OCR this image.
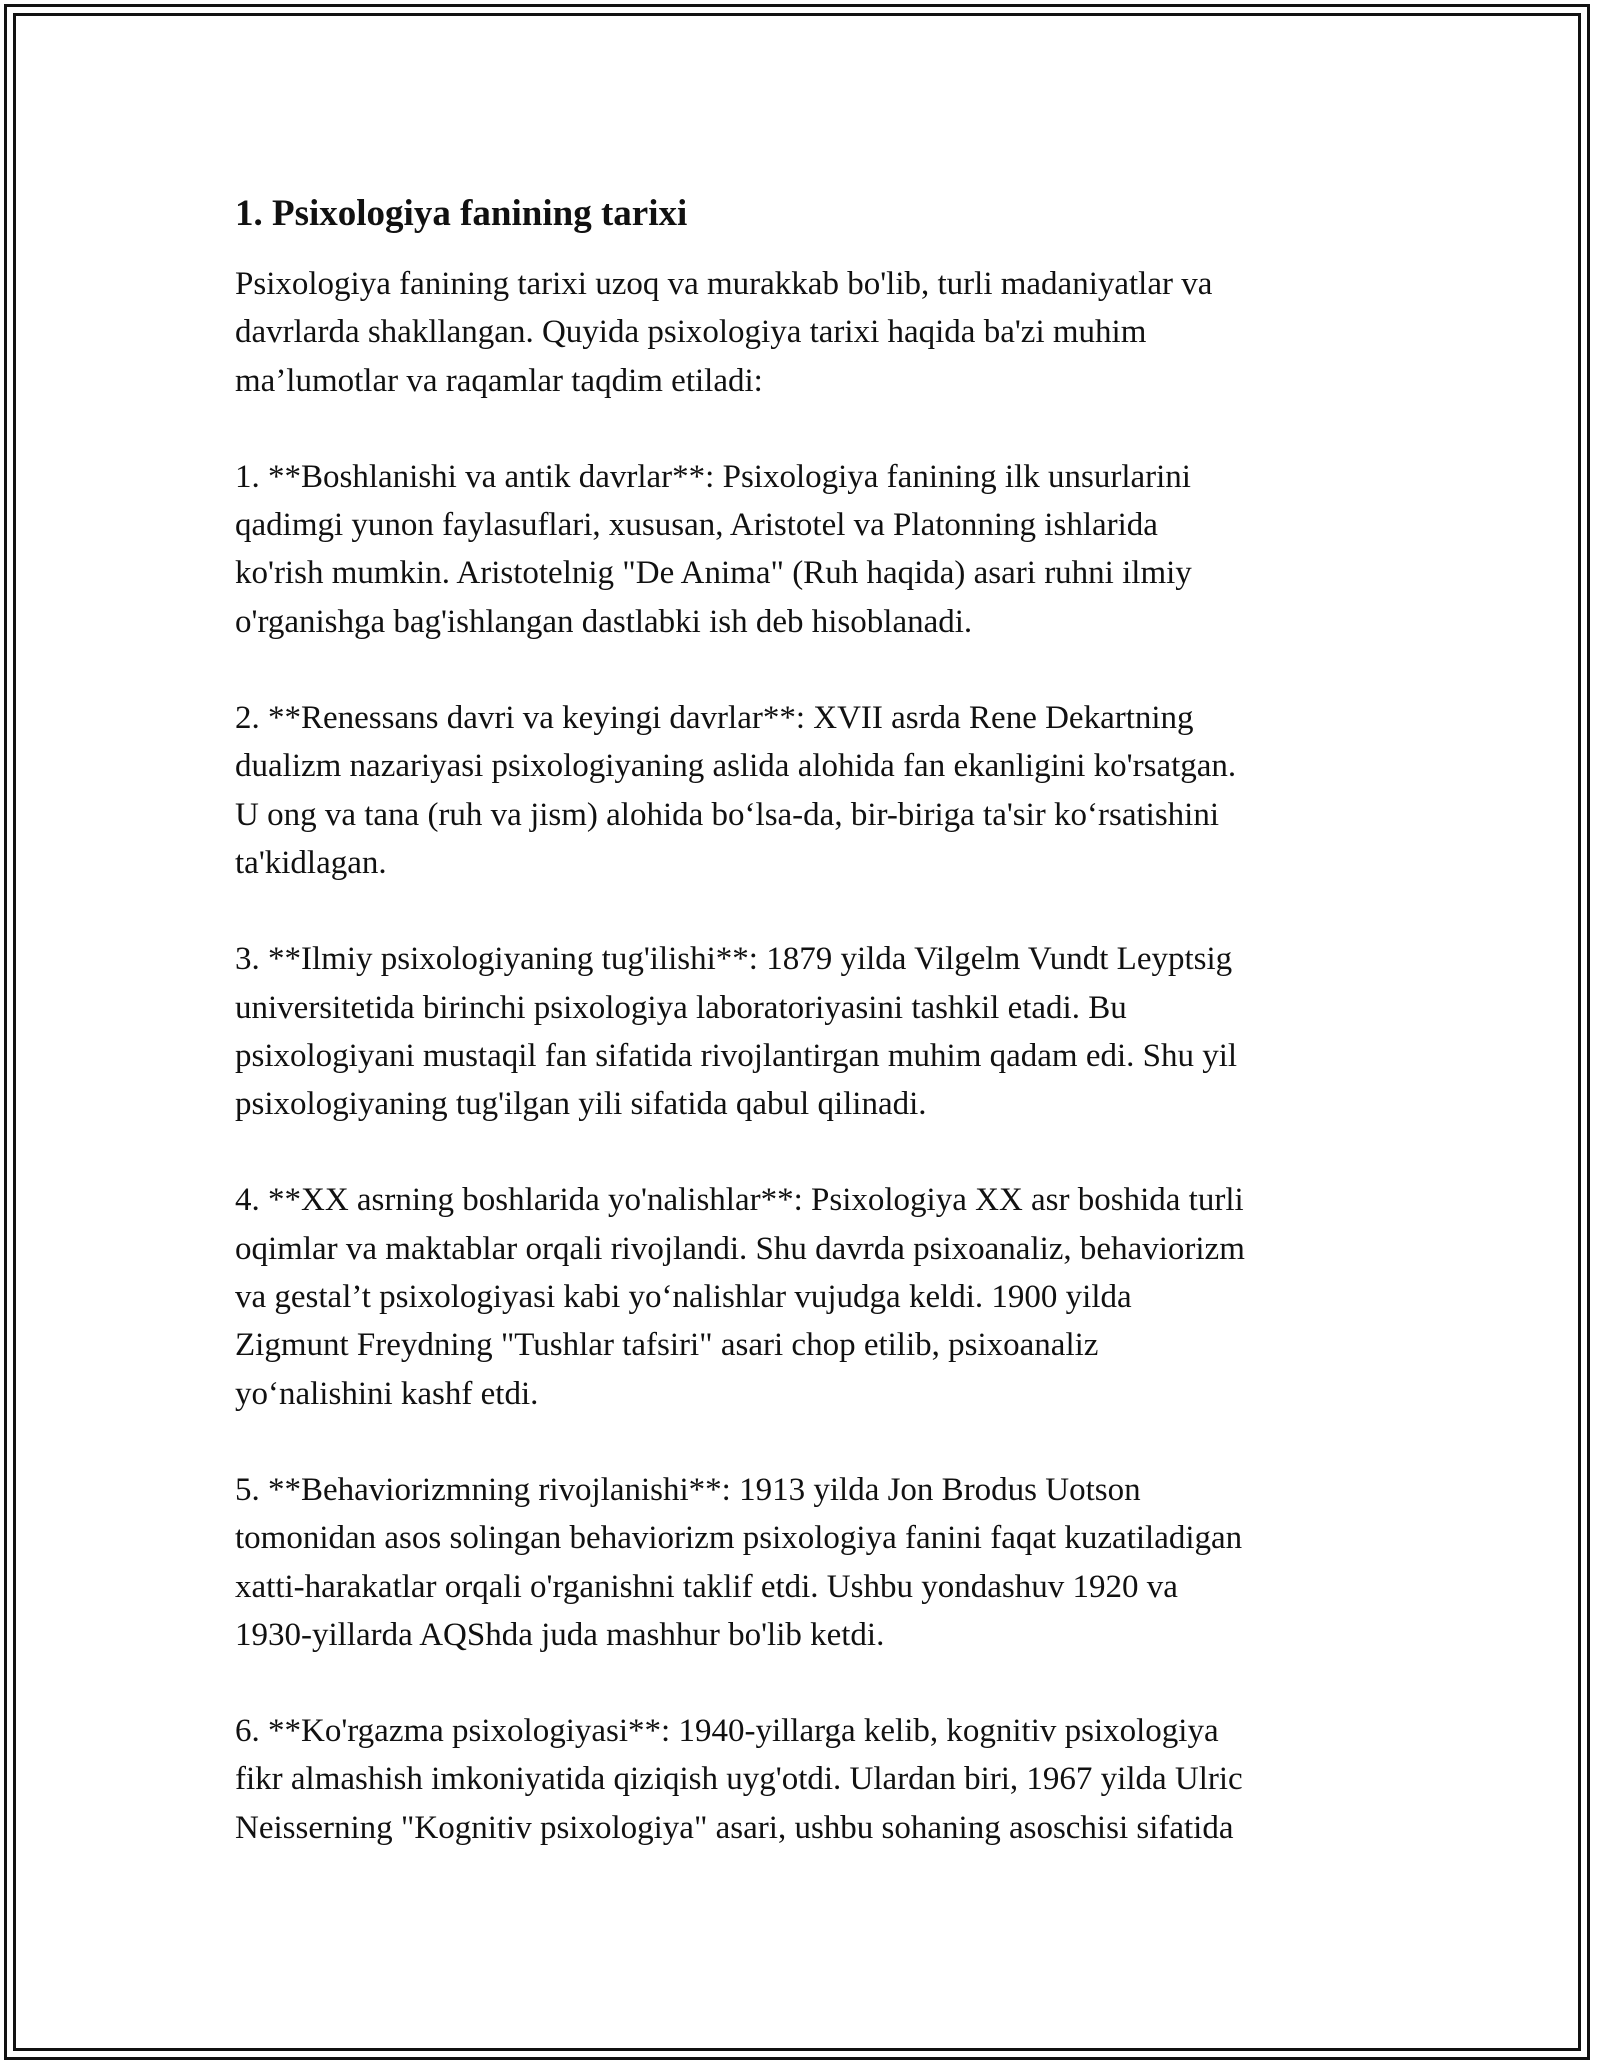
1. Psixologiya fanining tarixi

Psixologiya fanining tarixi uzoq va murakkab bo'lib, turli madaniyatlar va
davrlarda shakllangan. Quyida psixologiya tarixi haqida ba'zi muhim
ma’lumotlar va raqamlar taqdim etiladi:

1. **Boshlanishi va antik davrlar**: Psixologiya fanining ilk unsurlarini
qadimgi yunon faylasuflari, xususan, Aristotel va Platonning ishlarida
ko'rish mumkin. Aristotelnig "De Anima" (Ruh haqida) asari ruhni ilmiy
o'rganishga bag'ishlangan dastlabki ish deb hisoblanadi.

2. **Renessans davri va keyingi davrlar**: XVII asrda Rene Dekartning
dualizm nazariyasi psixologiyaning aslida alohida fan ekanligini ko'rsatgan.
U ong va tana (ruh va jism) alohida bo‘lsa-da, bir-biriga ta'sir ko‘rsatishini
ta'kidlagan.

3. **Ilmiy psixologiyaning tug'ilishi**: 1879 yilda Vilgelm Vundt Leyptsig
universitetida birinchi psixologiya laboratoriyasini tashkil etadi. Bu
psixologiyani mustaqil fan sifatida rivojlantirgan muhim qadam edi. Shu yil
psixologiyaning tug'ilgan yili sifatida qabul qilinadi.

4. **XX asrning boshlarida yo'nalishlar**: Psixologiya XX asr boshida turli
oqimlar va maktablar orqali rivojlandi. Shu davrda psixoanaliz, behaviorizm
va gestal’t psixologiyasi kabi yo‘nalishlar vujudga keldi. 1900 yilda
Zigmunt Freydning "Tushlar tafsiri" asari chop etilib, psixoanaliz
yo‘nalishini kashf etdi.

5. **Behaviorizmning rivojlanishi**: 1913 yilda Jon Brodus Uotson
tomonidan asos solingan behaviorizm psixologiya fanini faqat kuzatiladigan
xatti-harakatlar orqali o'rganishni taklif etdi. Ushbu yondashuv 1920 va
1930-yillarda AQShda juda mashhur bo'lib ketdi.

6. **Ko'rgazma psixologiyasi**: 1940-yillarga kelib, kognitiv psixologiya
fikr almashish imkoniyatida qiziqish uyg'otdi. Ulardan biri, 1967 yilda Ulric
Neisserning "Kognitiv psixologiya" asari, ushbu sohaning asoschisi sifatida
